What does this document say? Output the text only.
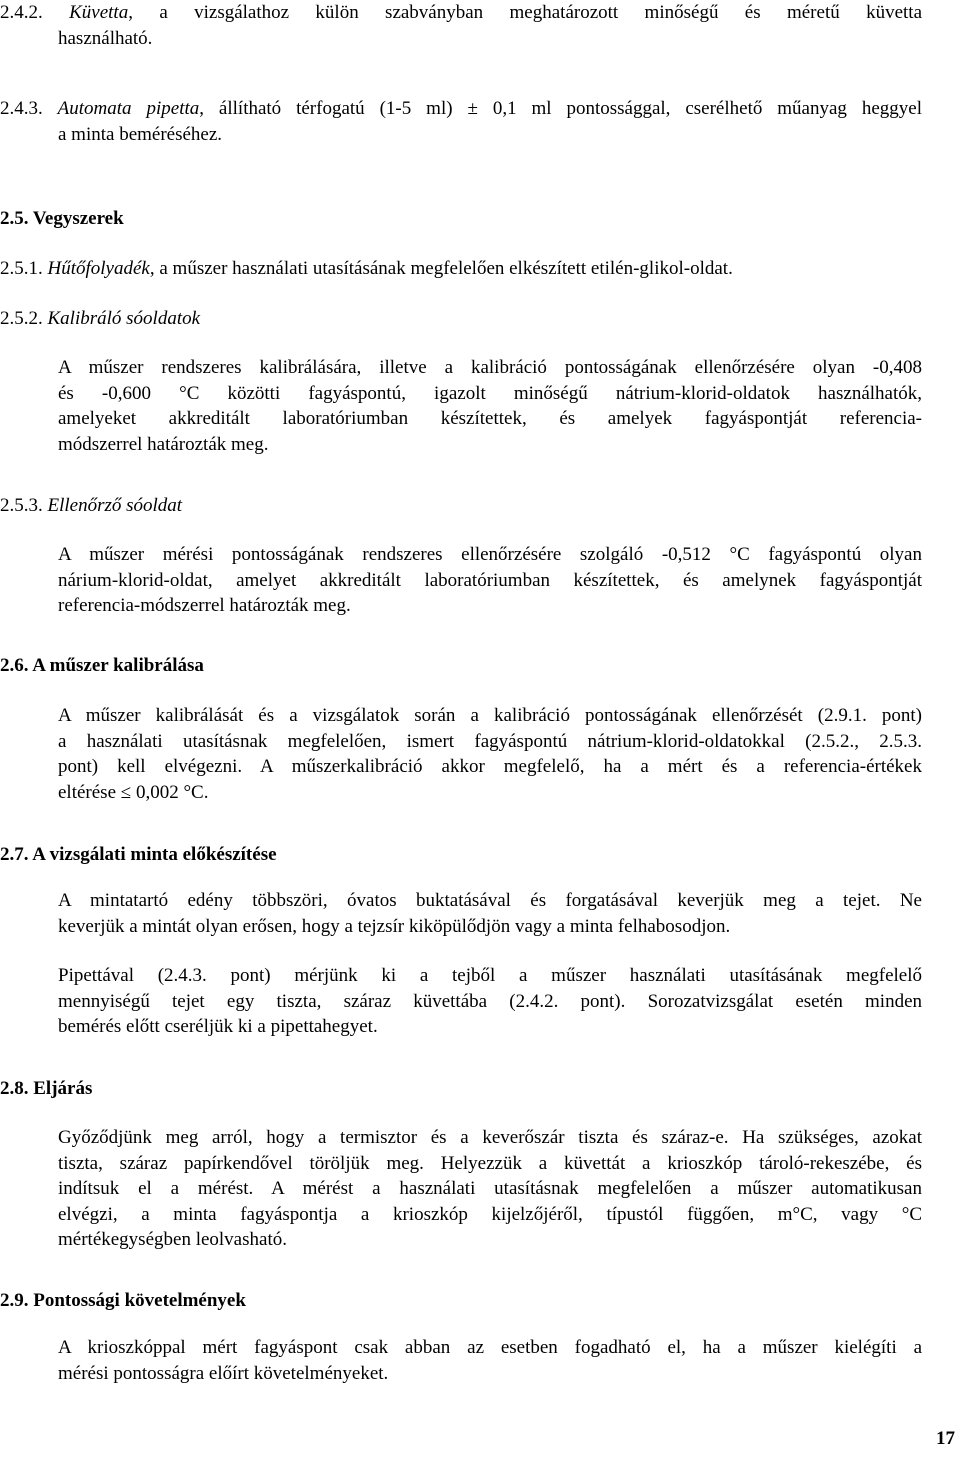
2.4.2. Küvetta, a vizsgálathoz külön szabványban meghatározott minőségű és méretű küvetta
használható.
2.4.3. Automata pipetta, állítható térfogatú (1-5 ml) ± 0,1 ml pontossággal, cserélhető műanyag heggyel
a minta beméréséhez.
2.5. Vegyszerek
2.5.1. Hűtőfolyadék, a műszer használati utasításának megfelelően elkészített etilén-glikol-oldat.
2.5.2. Kalibráló sóoldatok
A műszer rendszeres kalibrálására, illetve a kalibráció pontosságának ellenőrzésére olyan -0,408
és -0,600 °C közötti fagyáspontú, igazolt minőségű nátrium-klorid-oldatok használhatók,
amelyeket akkreditált laboratóriumban készítettek, és amelyek fagyáspontját referencia-
módszerrel határozták meg.
2.5.3. Ellenőrző sóoldat
A műszer mérési pontosságának rendszeres ellenőrzésére szolgáló -0,512 °C fagyáspontú olyan
nárium-klorid-oldat, amelyet akkreditált laboratóriumban készítettek, és amelynek fagyáspontját
referencia-módszerrel határozták meg.
2.6. A műszer kalibrálása
A műszer kalibrálását és a vizsgálatok során a kalibráció pontosságának ellenőrzését (2.9.1. pont)
a használati utasításnak megfelelően, ismert fagyáspontú nátrium-klorid-oldatokkal (2.5.2., 2.5.3.
pont) kell elvégezni. A műszerkalibráció akkor megfelelő, ha a mért és a referencia-értékek
eltérése ≤ 0,002 °C.
2.7. A vizsgálati minta előkészítése
A mintatartó edény többszöri, óvatos buktatásával és forgatásával keverjük meg a tejet. Ne
keverjük a mintát olyan erősen, hogy a tejzsír kiköpülődjön vagy a minta felhabosodjon.
Pipettával (2.4.3. pont) mérjünk ki a tejből a műszer használati utasításának megfelelő
mennyiségű tejet egy tiszta, száraz küvettába (2.4.2. pont). Sorozatvizsgálat esetén minden
bemérés előtt cseréljük ki a pipettahegyet.
2.8. Eljárás
Győződjünk meg arról, hogy a termisztor és a keverőszár tiszta és száraz-e. Ha szükséges, azokat
tiszta, száraz papírkendővel töröljük meg. Helyezzük a küvettát a krioszkóp tároló-rekeszébe, és
indítsuk el a mérést. A mérést a használati utasításnak megfelelően a műszer automatikusan
elvégzi, a minta fagyáspontja a krioszkóp kijelzőjéről, típustól függően, m°C, vagy °C
mértékegységben leolvasható.
2.9. Pontossági követelmények
A krioszkóppal mért fagyáspont csak abban az esetben fogadható el, ha a műszer kielégíti a
mérési pontosságra előírt követelményeket.
17
